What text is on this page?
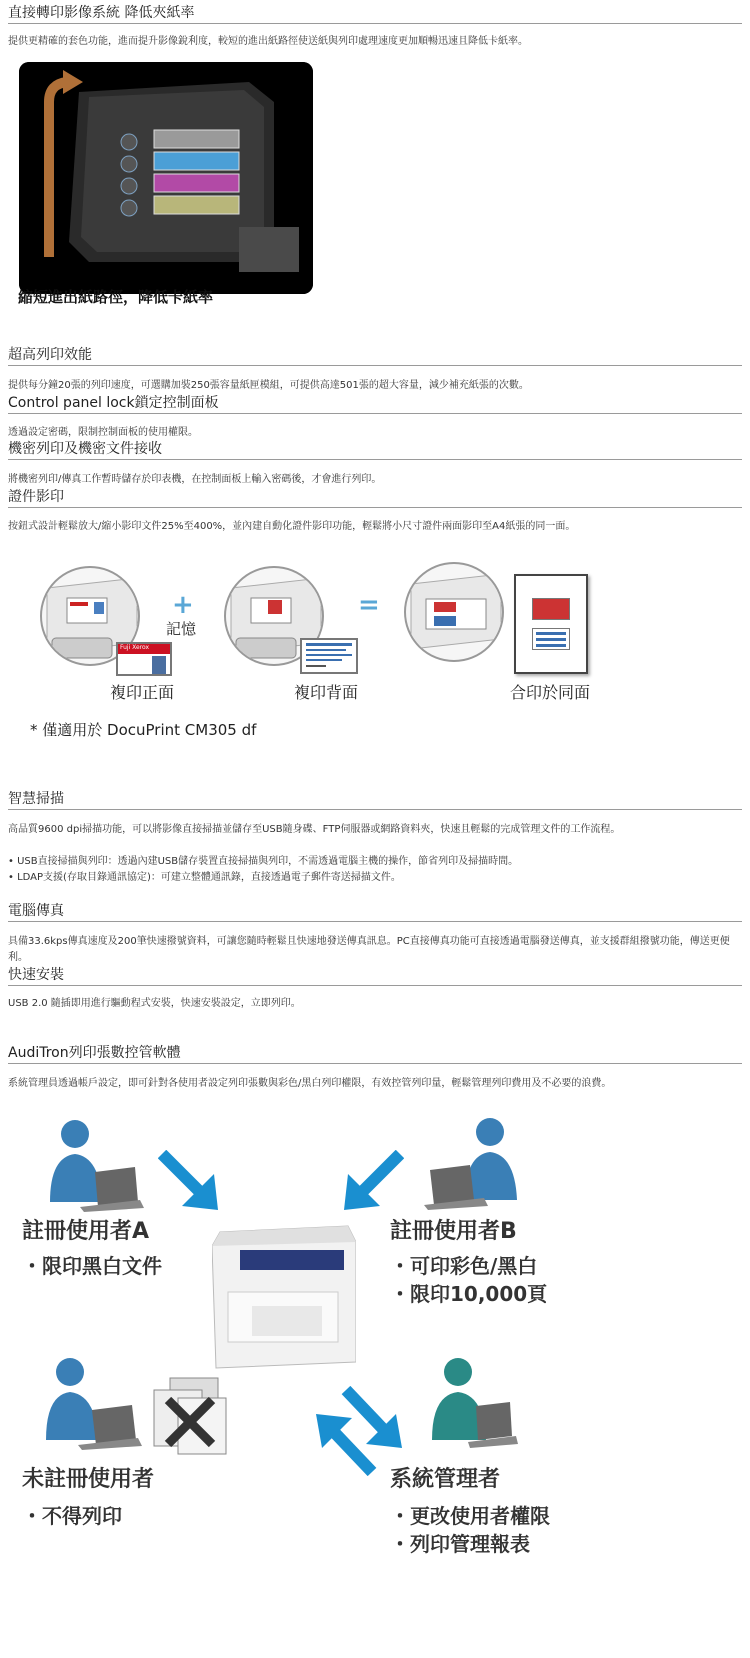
直接轉印影像系統 降低夾紙率
提供更精確的套色功能，進而提升影像銳利度，較短的進出紙路徑使送紙與列印處理速度更加順暢迅速且降低卡紙率。
縮短進出紙路徑，降低卡紙率
超高列印效能
提供每分鐘20張的列印速度，可選購加裝250張容量紙匣模組，可提供高達501張的超大容量，減少補充紙張的次數。
Control panel lock鎖定控制面板
透過設定密碼，限制控制面板的使用權限。
機密列印及機密文件接收
將機密列印/傳真工作暫時儲存於印表機，在控制面板上輸入密碼後，才會進行列印。
證件影印
按鈕式設計輕鬆放大/縮小影印文件25%至400%，並內建自動化證件影印功能，輕鬆將小尺寸證件兩面影印至A4紙張的同一面。
Fuji Xerox
+
記憶
=
複印正面	複印背面	合印於同面
* 僅適用於 DocuPrint CM305 df
智慧掃描
高品質9600 dpi掃描功能，可以將影像直接掃描並儲存至USB隨身碟、FTP伺服器或網路資料夾，快速且輕鬆的完成管理文件的工作流程。
• USB直接掃描與列印：透過內建USB儲存裝置直接掃描與列印，不需透過電腦主機的操作，節省列印及掃描時間。
• LDAP支援(存取目錄通訊協定)：可建立整體通訊錄，直接透過電子郵件寄送掃描文件。
電腦傳真
具備33.6kps傳真速度及200筆快速撥號資料，可讓您隨時輕鬆且快速地發送傳真訊息。PC直接傳真功能可直接透過電腦發送傳真，並支援群組撥號功能，傳送更便利。
快速安裝
USB 2.0 隨插即用進行驅動程式安裝，快速安裝設定，立即列印。
AudiTron列印張數控管軟體
系統管理員透過帳戶設定，即可針對各使用者設定列印張數與彩色/黑白列印權限，有效控管列印量，輕鬆管理列印費用及不必要的浪費。
註冊使用者A
・限印黑白文件
註冊使用者B
・可印彩色/黑白
・限印10,000頁
未註冊使用者
・不得列印
系統管理者
・更改使用者權限
・列印管理報表
